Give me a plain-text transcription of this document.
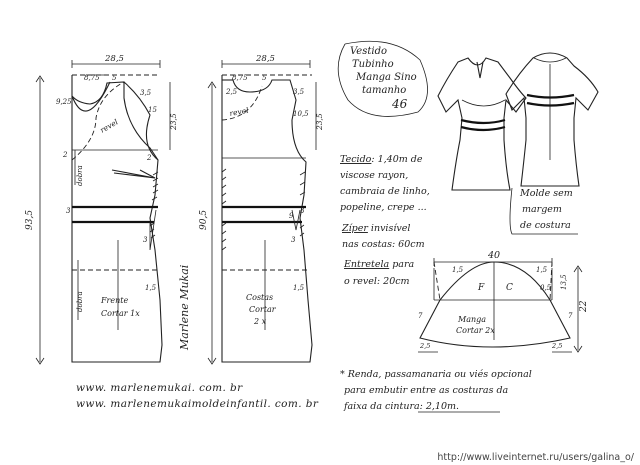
28,5
8,75 5
9,25
3,5
15
23,5
2	2
revel
dobra
93,5	3
3
1,5
dobra Frente
Cortar 1x	Marlene Mukai
28,5
8,75 5
2,5	3,5
10,5 23,5
revel
90,5	9
3
3
1,5
Costas
Cortar
2 x
Vestido
Tubinho
Manga Sino
tamanho
46
Tecido: 1,40m de
viscose rayon,
cambraia de linho,
popeline, crepe ...
Zíper invisível
nas costas: 60cm
Entretela para
o revel: 20cm
Molde sem
margem
de costura
40
22
1,5	1,5
F C	13,5
0,5
7	7
2,5	2,5
Manga
Cortar 2x
* Renda, passamanaria ou viés opcional
para embutir entre as costuras da
faixa da cintura: 2,10m.
www. marlenemukai. com. br
www. marlenemukaimoldeinfantil. com. br
http://www.liveinternet.ru/users/galina_o/
